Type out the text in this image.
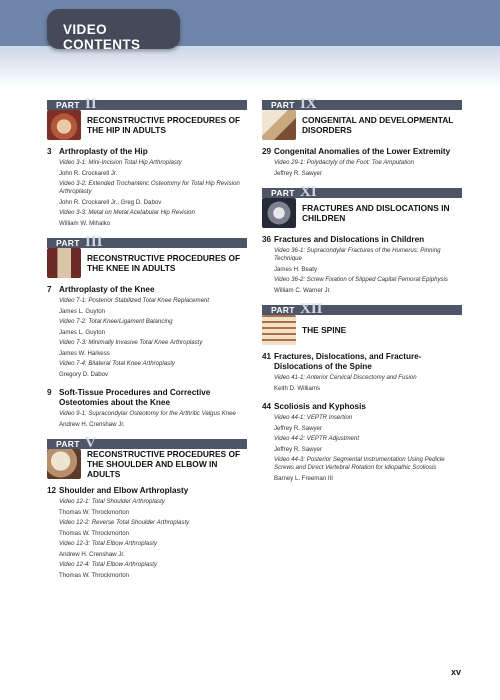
VIDEO CONTENTS
PART II
RECONSTRUCTIVE PROCEDURES OF THE HIP IN ADULTS
3 Arthroplasty of the Hip
Video 3-1: Mini-Incision Total Hip Arthroplasty
John R. Crockarell Jr.
Video 3-2: Extended Trochanteric Osteotomy for Total Hip Revision Arthroplasty
John R. Crockarell Jr., Greg D. Dabov
Video 3-3: Metal on Metal Acetabular Hip Revision
William W. Mihalko
PART III
RECONSTRUCTIVE PROCEDURES OF THE KNEE IN ADULTS
7 Arthroplasty of the Knee
Video 7-1: Posterior Stabilized Total Knee Replacement
James L. Guyton
Video 7-2: Total Knee/Ligament Balancing
James L. Guyton
Video 7-3: Minimally Invasive Total Knee Arthroplasty
James W. Harkess
Video 7-4: Bilateral Total Knee Arthroplasty
Gregory D. Dabov
9 Soft-Tissue Procedures and Corrective Osteotomies about the Knee
Video 9-1: Supracondylar Osteotomy for the Arthritic Valgus Knee
Andrew H. Crenshaw Jr.
PART V
RECONSTRUCTIVE PROCEDURES OF THE SHOULDER AND ELBOW IN ADULTS
12 Shoulder and Elbow Arthroplasty
Video 12-1: Total Shoulder Arthroplasty
Thomas W. Throckmorton
Video 12-2: Reverse Total Shoulder Arthroplasty
Thomas W. Throckmorton
Video 12-3: Total Elbow Arthroplasty
Andrew H. Crenshaw Jr.
Video 12-4: Total Elbow Arthroplasty
Thomas W. Throckmorton
PART IX
CONGENITAL AND DEVELOPMENTAL DISORDERS
29 Congenital Anomalies of the Lower Extremity
Video 29-1: Polydactyly of the Foot: Toe Amputation
Jeffrey R. Sawyer
PART XI
FRACTURES AND DISLOCATIONS IN CHILDREN
36 Fractures and Dislocations in Children
Video 36-1: Supracondylar Fractures of the Humerus: Pinning Technique
James H. Beaty
Video 36-2: Screw Fixation of Slipped Capital Femoral Epiphysis
William C. Warner Jr.
PART XII
THE SPINE
41 Fractures, Dislocations, and Fracture-Dislocations of the Spine
Video 41-1: Anterior Cervical Discectomy and Fusion
Keith D. Williams
44 Scoliosis and Kyphosis
Video 44-1: VEPTR Insertion
Jeffrey R. Sawyer
Video 44-2: VEPTR Adjustment
Jeffrey R. Sawyer
Video 44-3: Posterior Segmental Instrumentation Using Pedicle Screws and Direct Vertebral Rotation for Idiopathic Scoliosis
Barney L. Freeman III
xv
